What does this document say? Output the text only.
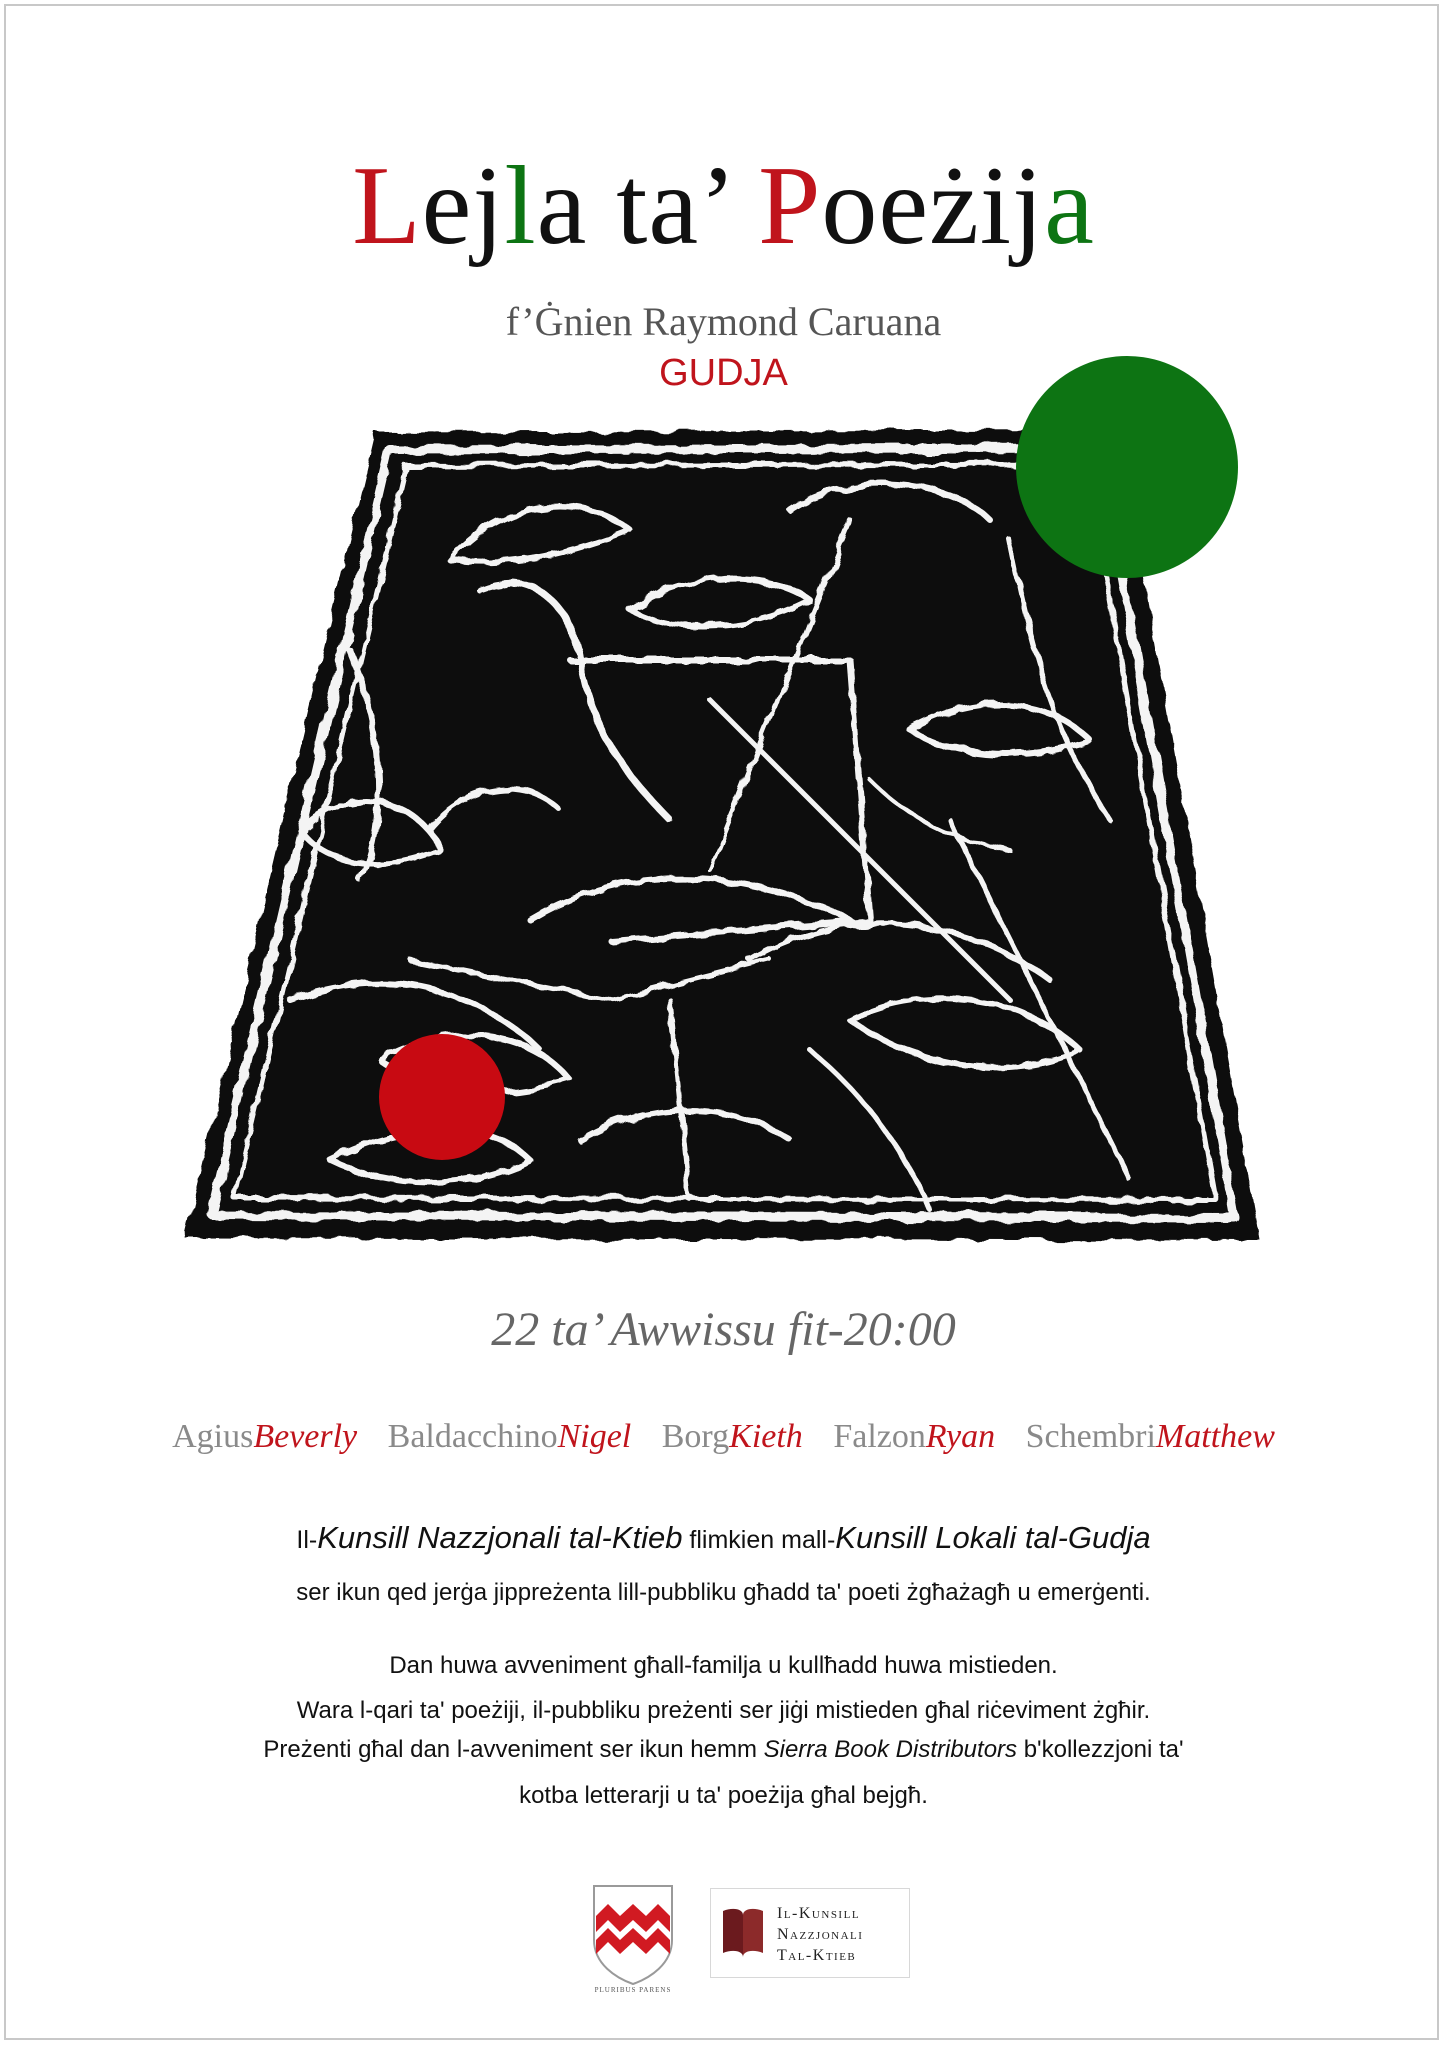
Lejla ta’ Poeżija
f’Ġnien Raymond Caruana
GUDJA
22 ta’ Awwissu fit-20:00
AgiusBeverly BaldacchinoNigel BorgKieth FalzonRyan SchembriMatthew
Il-Kunsill Nazzjonali tal-Ktieb flimkien mall-Kunsill Lokali tal-Gudja
ser ikun qed jerġa jippreżenta lill-pubbliku għadd ta' poeti żgħażagħ u emerġenti.
Dan huwa avveniment għall-familja u kullħadd huwa mistieden.
Wara l-qari ta' poeżiji, il-pubbliku preżenti ser jiġi mistieden għal riċeviment żgħir.
Preżenti għal dan l-avveniment ser ikun hemm Sierra Book Distributors b'kollezzjoni ta'
kotba letterarji u ta' poeżija għal bejgħ.
PLURIBUS PARENS
Il-Kunsill
Nazzjonali
Tal-Ktieb
